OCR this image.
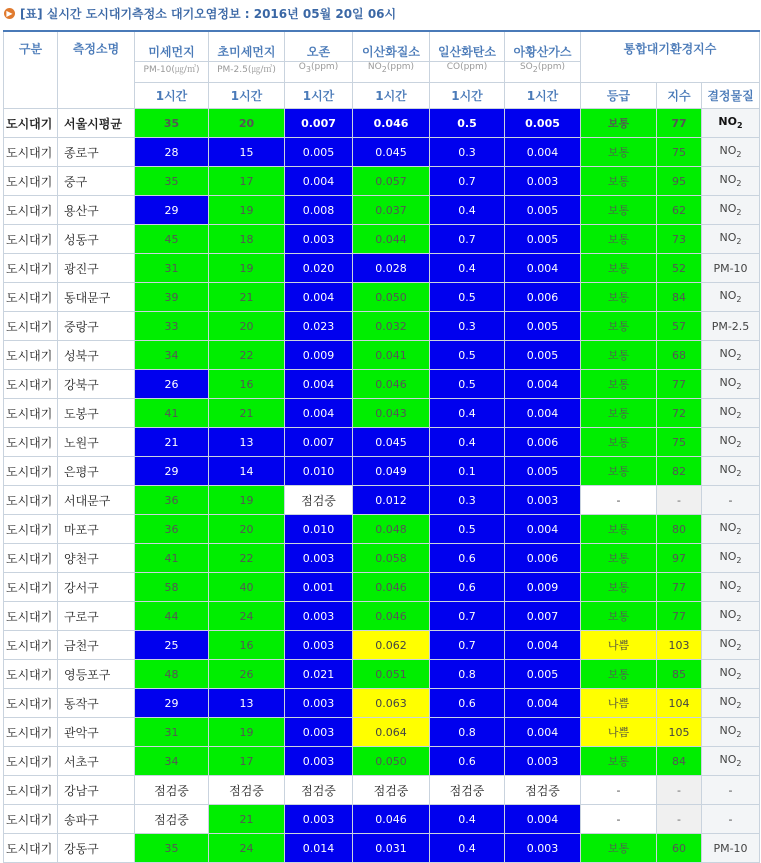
▶ [표] 실시간 도시대기측정소 대기오염정보 : 2016년 05월 20일 06시
구분	측정소명	미세먼지	초미세먼지	오존	이산화질소	일산화탄소	아황산가스	통합대기환경지수		
		PM-10(㎍/㎥)	PM-2.5(㎍/㎥)	$O_3(ppm)$	$NO_2(ppm)$	CO(ppm)	$SO_2(ppm)$			
		1시간	1시간	1시간	1시간	1시간	1시간	등급	지수	결정물질
도시대기	서울시평균	35	20	0.007	0.046	0.5	0.005	보통	77	$NO_2$
도시대기	종로구	28	15	0.005	0.045	0.3	0.004	보통	75	$NO_2$
도시대기	중구	35	17	0.004	0.057	0.7	0.003	보통	95	$NO_2$
도시대기	용산구	29	19	0.008	0.037	0.4	0.005	보통	62	$NO_2$
도시대기	성동구	45	18	0.003	0.044	0.7	0.005	보통	73	$NO_2$
도시대기	광진구	31	19	0.020	0.028	0.4	0.004	보통	52	PM-10
도시대기	동대문구	39	21	0.004	0.050	0.5	0.006	보통	84	$NO_2$
도시대기	중랑구	33	20	0.023	0.032	0.3	0.005	보통	57	PM-2.5
도시대기	성북구	34	22	0.009	0.041	0.5	0.005	보통	68	$NO_2$
도시대기	강북구	26	16	0.004	0.046	0.5	0.004	보통	77	$NO_2$
도시대기	도봉구	41	21	0.004	0.043	0.4	0.004	보통	72	$NO_2$
도시대기	노원구	21	13	0.007	0.045	0.4	0.006	보통	75	$NO_2$
도시대기	은평구	29	14	0.010	0.049	0.1	0.005	보통	82	$NO_2$
도시대기	서대문구	36	19	점검중	0.012	0.3	0.003	-	-	-
도시대기	마포구	36	20	0.010	0.048	0.5	0.004	보통	80	$NO_2$
도시대기	양천구	41	22	0.003	0.058	0.6	0.006	보통	97	$NO_2$
도시대기	강서구	58	40	0.001	0.046	0.6	0.009	보통	77	$NO_2$
도시대기	구로구	44	24	0.003	0.046	0.7	0.007	보통	77	$NO_2$
도시대기	금천구	25	16	0.003	0.062	0.7	0.004	나쁨	103	$NO_2$
도시대기	영등포구	48	26	0.021	0.051	0.8	0.005	보통	85	$NO_2$
도시대기	동작구	29	13	0.003	0.063	0.6	0.004	나쁨	104	$NO_2$
도시대기	관악구	31	19	0.003	0.064	0.8	0.004	나쁨	105	$NO_2$
도시대기	서초구	34	17	0.003	0.050	0.6	0.003	보통	84	$NO_2$
도시대기	강남구	점검중	점검중	점검중	점검중	점검중	점검중	-	-	-
도시대기	송파구	점검중	21	0.003	0.046	0.4	0.004	-	-	-
도시대기	강동구	35	24	0.014	0.031	0.4	0.003	보통	60	PM-10
